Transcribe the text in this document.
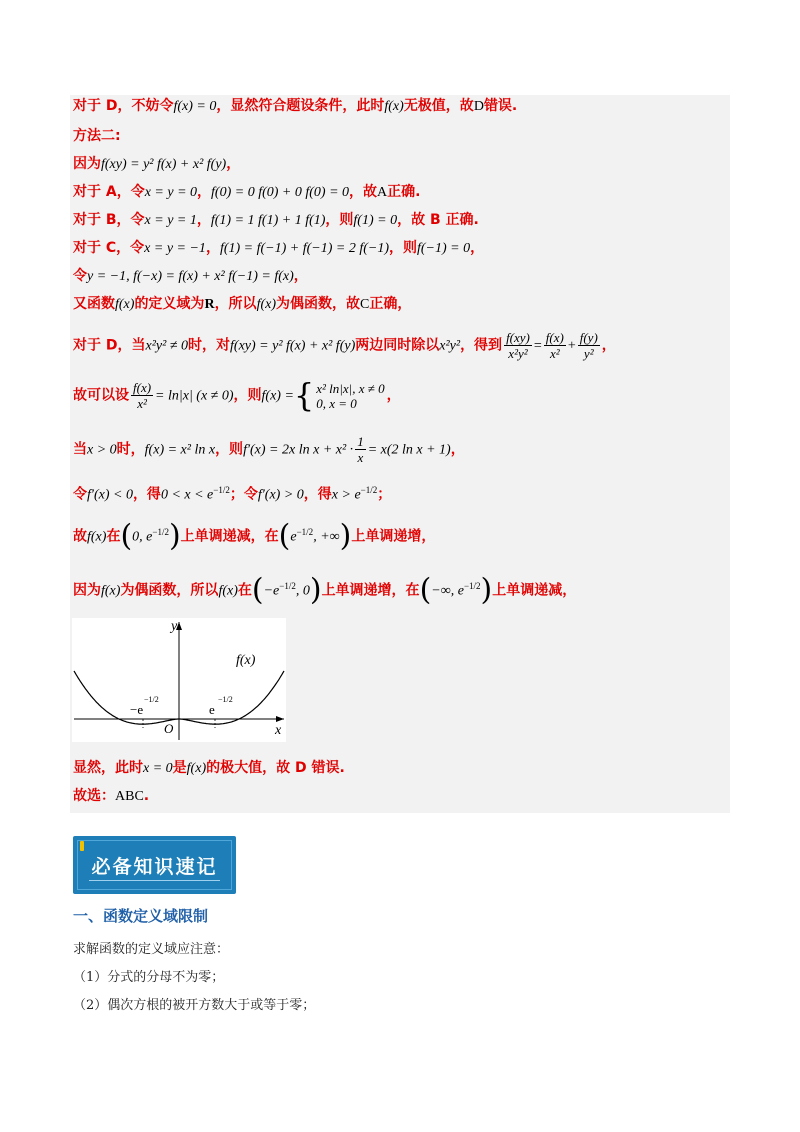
对于 D，不妨令f(x) = 0，显然符合题设条件，此时f(x)无极值，故D错误.
方法二:
因为f(xy) = y² f(x) + x² f(y)，
对于 A，令x = y = 0，f(0) = 0 f(0) + 0 f(0) = 0，故A正确.
对于 B，令x = y = 1，f(1) = 1 f(1) + 1 f(1)，则f(1) = 0，故 B 正确.
对于 C，令x = y = −1，f(1) = f(−1) + f(−1) = 2 f(−1)，则f(−1) = 0，
令y = −1, f(−x) = f(x) + x² f(−1) = f(x)，
又函数f(x)的定义域为R，所以f(x)为偶函数，故C正确，
对于 D，当x²y² ≠ 0时，对f(xy) = y² f(x) + x² f(y)两边同时除以x²y²，得到 $\frac{f(xy)}{\text{x²y²}} = \frac{f(x)}{\text{x²}} + \frac{f(y)}{\text{y²}}$ ，
故可以设 $\frac{f(x)}{\text{x²}} = \ln|x|$ (x ≠ 0)，则f(x) ={ x² ln|x|, x ≠ 0
0, x = 0	，
当x > 0时，f(x) = x² ln x，则f′(x) = 2x $\ln x + x^2 \cdot \frac{1}{x} = x(2$ ln x + 1)，
令f′(x) < 0，得$0 < x < e^{-1/2}$；令f′(x) > 0，得$x > e^{-1/2}$；
故f(x)在(0, $e^{-1/2}$)上单调递减，在($e^{-1/2}$, +∞)上单调递增，
因为f(x)为偶函数，所以f(x)在($-e^{-1/2}$, 0)上单调递增，在(−∞, $e^{-1/2}$)上单调递减，
y
x
O
f(x)
−e
−1/2
e
−1/2
显然，此时x = 0是f(x)的极大值，故 D 错误.
故选：ABC.
必备知识速记
一、函数定义域限制
求解函数的定义域应注意：
（1）分式的分母不为零；
（2）偶次方根的被开方数大于或等于零；
